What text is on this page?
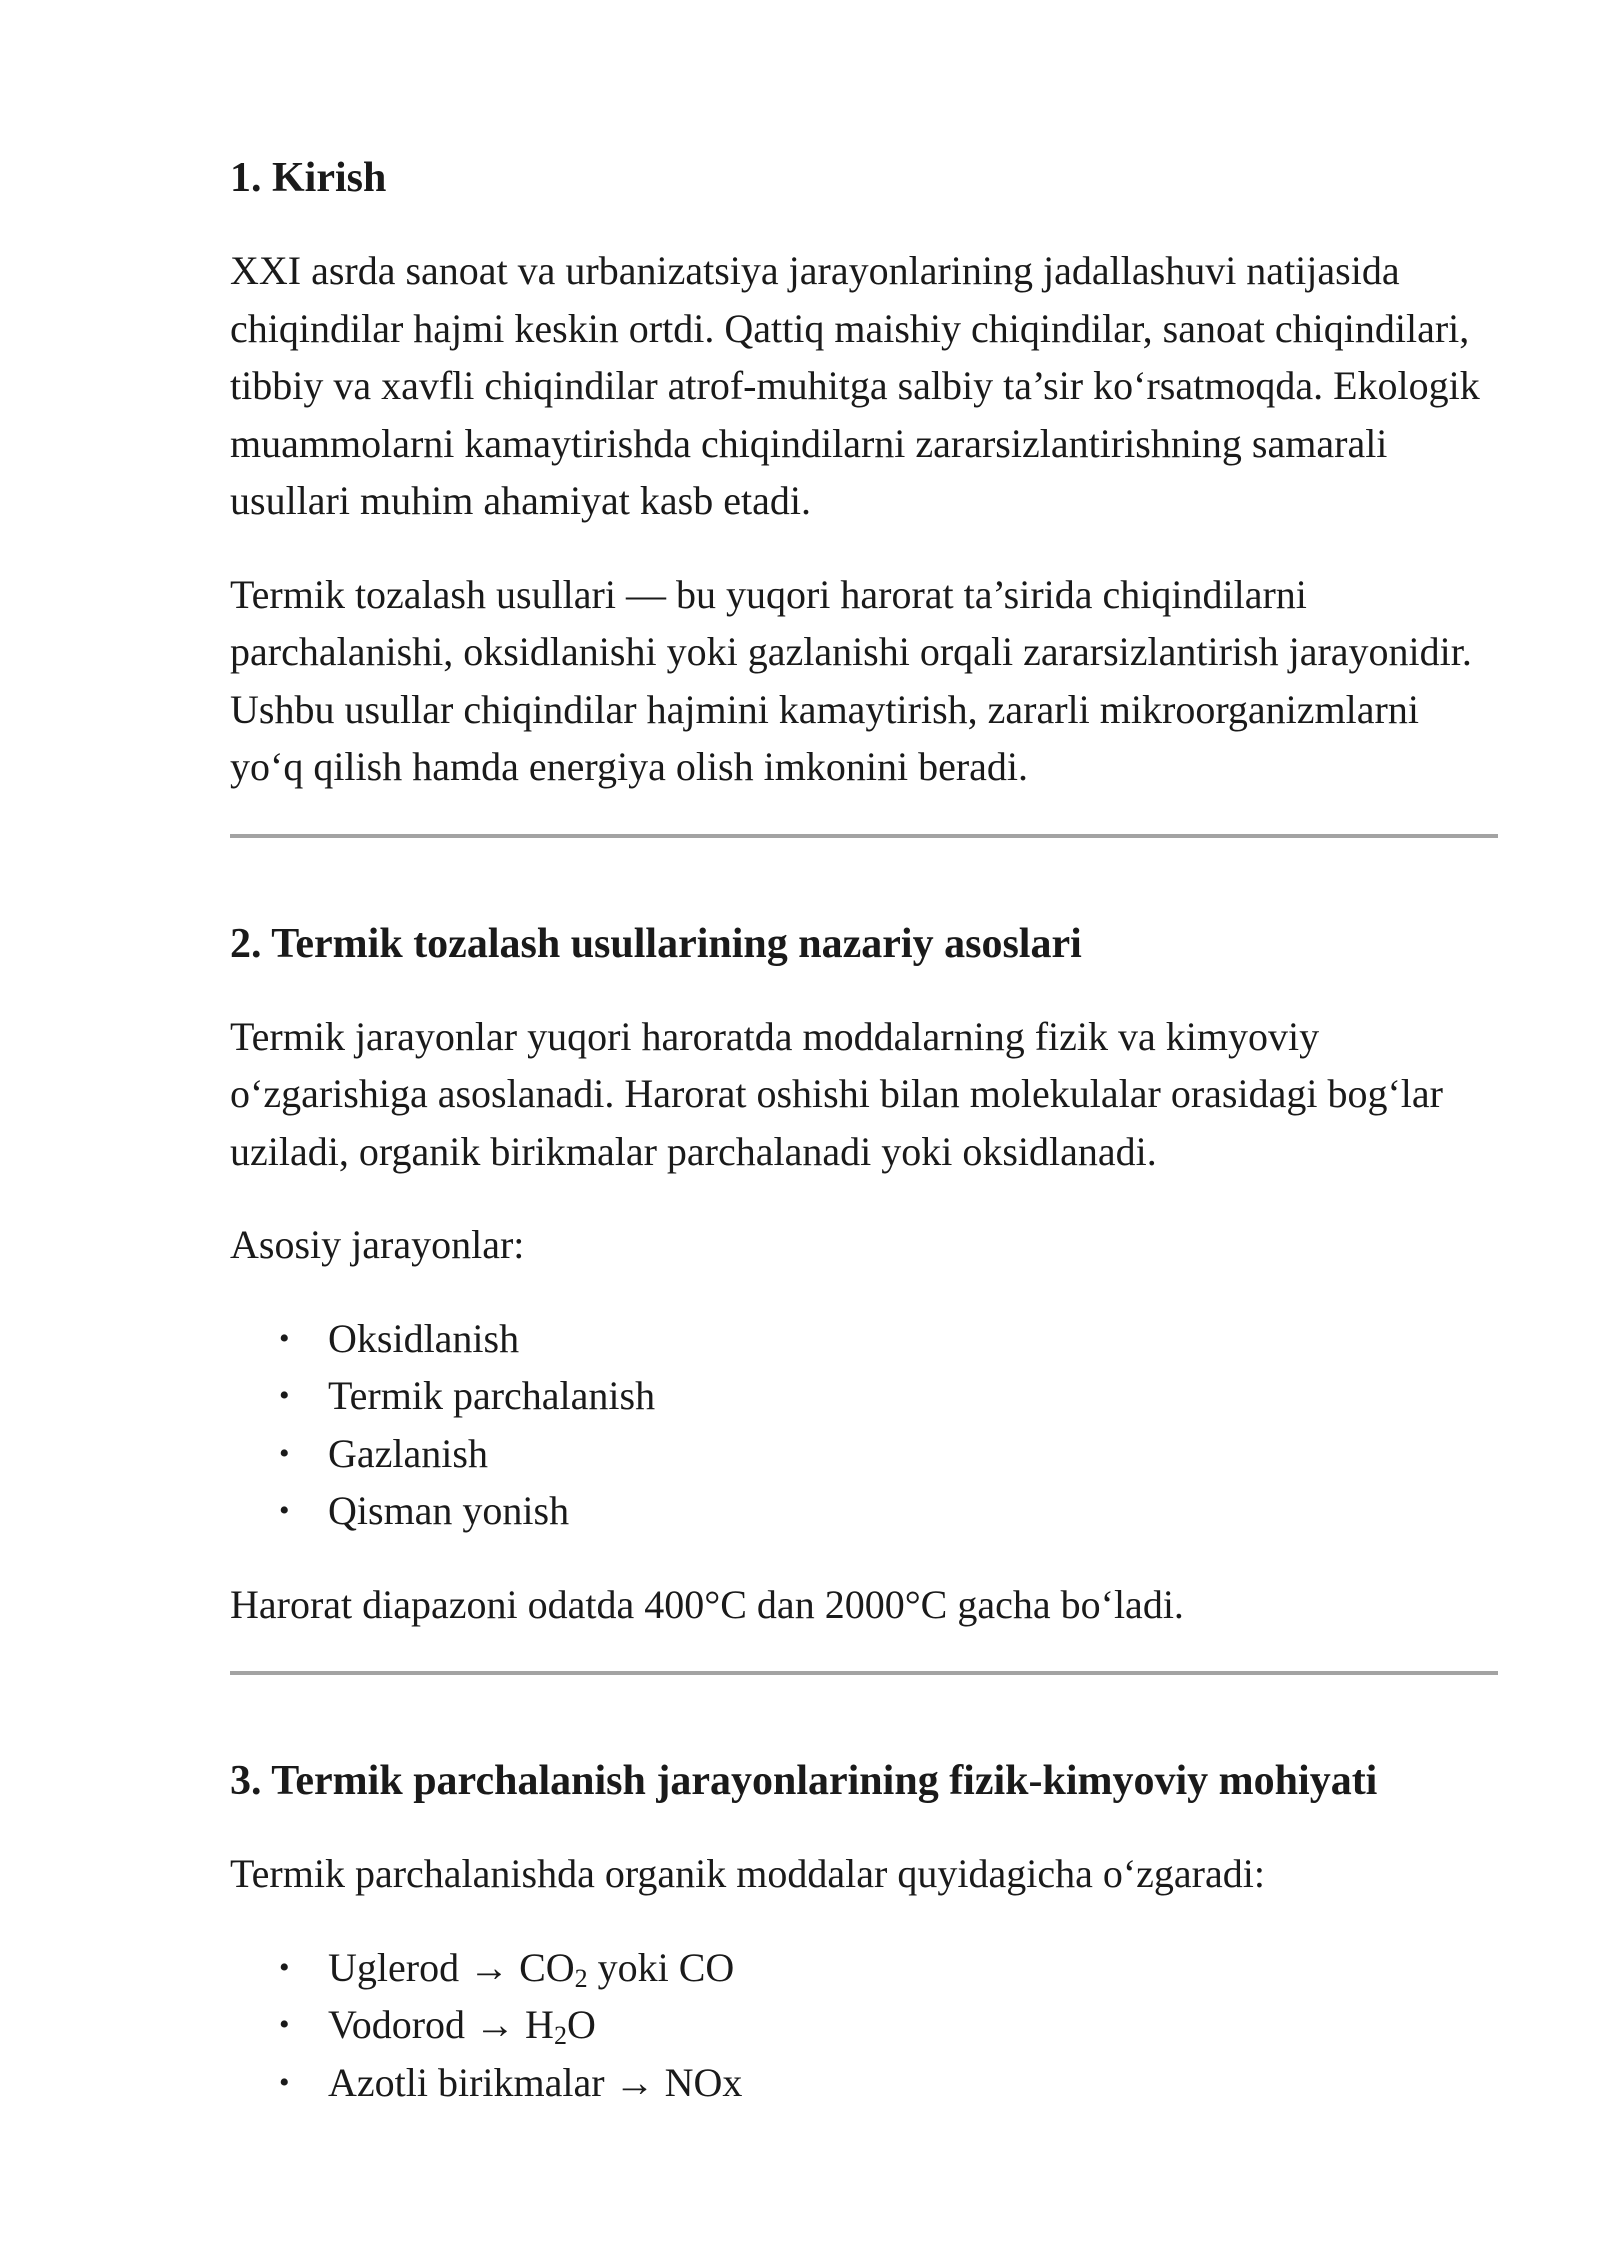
1. Kirish

XXI asrda sanoat va urbanizatsiya jarayonlarining jadallashuvi natijasida chiqindilar hajmi keskin ortdi. Qattiq maishiy chiqindilar, sanoat chiqindilari, tibbiy va xavfli chiqindilar atrof-muhitga salbiy ta’sir ko‘rsatmoqda. Ekologik muammolarni kamaytirishda chiqindilarni zararsizlantirishning samarali usullari muhim ahamiyat kasb etadi.

Termik tozalash usullari — bu yuqori harorat ta’sirida chiqindilarni parchalanishi, oksidlanishi yoki gazlanishi orqali zararsizlantirish jarayonidir. Ushbu usullar chiqindilar hajmini kamaytirish, zararli mikroorganizmlarni yo‘q qilish hamda energiya olish imkonini beradi.

2. Termik tozalash usullarining nazariy asoslari

Termik jarayonlar yuqori haroratda moddalarning fizik va kimyoviy o‘zgarishiga asoslanadi. Harorat oshishi bilan molekulalar orasidagi bog‘lar uziladi, organik birikmalar parchalanadi yoki oksidlanadi.

Asosiy jarayonlar:

• Oksidlanish
• Termik parchalanish
• Gazlanish
• Qisman yonish

Harorat diapazoni odatda 400°C dan 2000°C gacha bo‘ladi.

3. Termik parchalanish jarayonlarining fizik-kimyoviy mohiyati

Termik parchalanishda organik moddalar quyidagicha o‘zgaradi:

• Uglerod → $CO_2$ yoki CO
• Vodorod → $H_2O$
• Azotli birikmalar → NOx
